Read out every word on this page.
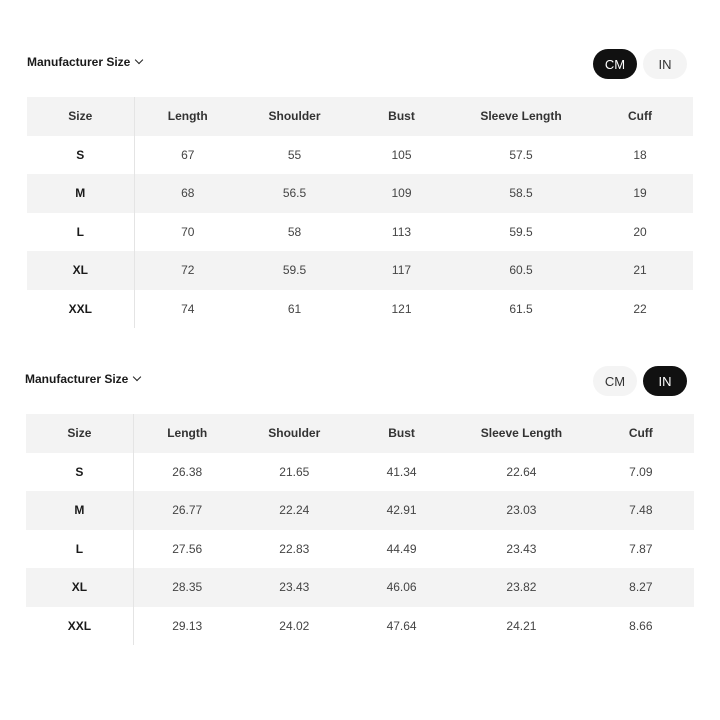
Manufacturer Size	CM	IN
Size	Length	Shoulder	Bust	Sleeve Length	Cuff
S	67	55	105	57.5	18
M	68	56.5	109	58.5	19
L	70	58	113	59.5	20
XL	72	59.5	117	60.5	21
XXL	74	61	121	61.5	22
Manufacturer Size	CM	IN
Size	Length	Shoulder	Bust	Sleeve Length	Cuff
S	26.38	21.65	41.34	22.64	7.09
M	26.77	22.24	42.91	23.03	7.48
L	27.56	22.83	44.49	23.43	7.87
XL	28.35	23.43	46.06	23.82	8.27
XXL	29.13	24.02	47.64	24.21	8.66
